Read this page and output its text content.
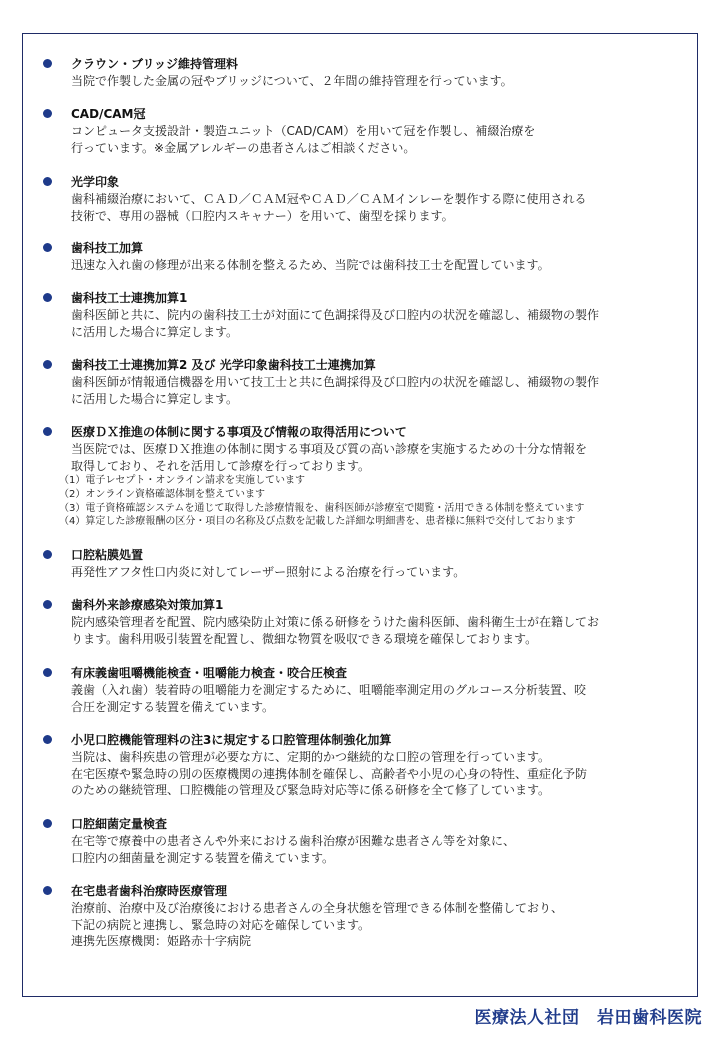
クラウン・ブリッジ維持管理料
当院で作製した金属の冠やブリッジについて、２年間の維持管理を行っています。
CAD/CAM冠
コンピュータ支援設計・製造ユニット（CAD/CAM）を用いて冠を作製し、補綴治療を
行っています。※金属アレルギーの患者さんはご相談ください。
光学印象
歯科補綴治療において、ＣＡＤ／ＣＡＭ冠やＣＡＤ／ＣＡＭインレーを製作する際に使用される
技術で、専用の器械（口腔内スキャナー）を用いて、歯型を採ります。
歯科技工加算
迅速な入れ歯の修理が出来る体制を整えるため、当院では歯科技工士を配置しています。
歯科技工士連携加算1
歯科医師と共に、院内の歯科技工士が対面にて色調採得及び口腔内の状況を確認し、補綴物の製作
に活用した場合に算定します。
歯科技工士連携加算2 及び 光学印象歯科技工士連携加算
歯科医師が情報通信機器を用いて技工士と共に色調採得及び口腔内の状況を確認し、補綴物の製作
に活用した場合に算定します。
医療ＤＸ推進の体制に関する事項及び情報の取得活用について
当医院では、医療ＤＸ推進の体制に関する事項及び質の高い診療を実施するための十分な情報を
取得しており、それを活用して診療を行っております。
（1）電子レセプト・オンライン請求を実施しています
（2）オンライン資格確認体制を整えています
（3）電子資格確認システムを通じて取得した診療情報を、歯科医師が診療室で閲覧・活用できる体制を整えています
（4）算定した診療報酬の区分・項目の名称及び点数を記載した詳細な明細書を、患者様に無料で交付しております
口腔粘膜処置
再発性アフタ性口内炎に対してレーザー照射による治療を行っています。
歯科外来診療感染対策加算1
院内感染管理者を配置、院内感染防止対策に係る研修をうけた歯科医師、歯科衛生士が在籍してお
ります。歯科用吸引装置を配置し、微細な物質を吸収できる環境を確保しております。
有床義歯咀嚼機能検査・咀嚼能力検査・咬合圧検査
義歯（入れ歯）装着時の咀嚼能力を測定するために、咀嚼能率測定用のグルコース分析装置、咬
合圧を測定する装置を備えています。
小児口腔機能管理料の注3に規定する口腔管理体制強化加算
当院は、歯科疾患の管理が必要な方に、定期的かつ継続的な口腔の管理を行っています。
在宅医療や緊急時の別の医療機関の連携体制を確保し、高齢者や小児の心身の特性、重症化予防
のための継続管理、口腔機能の管理及び緊急時対応等に係る研修を全て修了しています。
口腔細菌定量検査
在宅等で療養中の患者さんや外来における歯科治療が困難な患者さん等を対象に、
口腔内の細菌量を測定する装置を備えています。
在宅患者歯科治療時医療管理
治療前、治療中及び治療後における患者さんの全身状態を管理できる体制を整備しており、
下記の病院と連携し、緊急時の対応を確保しています。
連携先医療機関：姫路赤十字病院
医療法人社団　岩田歯科医院
